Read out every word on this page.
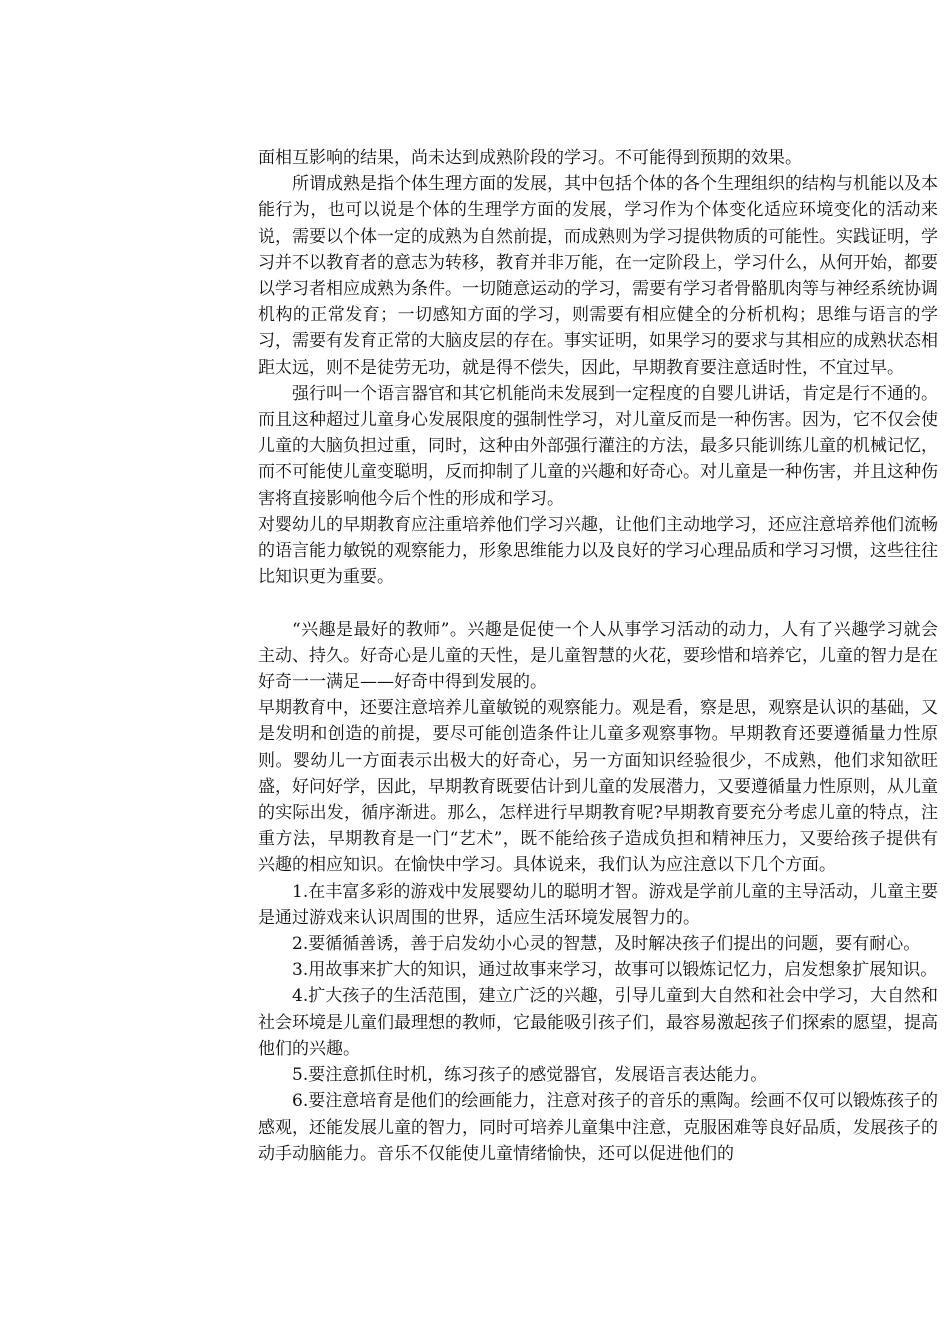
面相互影响的结果，尚未达到成熟阶段的学习。不可能得到预期的效果。

所谓成熟是指个体生理方面的发展，其中包括个体的各个生理组织的结构与机能以及本能行为，也可以说是个体的生理学方面的发展，学习作为个体变化适应环境变化的活动来说，需要以个体一定的成熟为自然前提，而成熟则为学习提供物质的可能性。实践证明，学习并不以教育者的意志为转移，教育并非万能，在一定阶段上，学习什么，从何开始，都要以学习者相应成熟为条件。一切随意运动的学习，需要有学习者骨骼肌肉等与神经系统协调机构的正常发育；一切感知方面的学习，则需要有相应健全的分析机构；思维与语言的学习，需要有发育正常的大脑皮层的存在。事实证明，如果学习的要求与其相应的成熟状态相距太远，则不是徒劳无功，就是得不偿失，因此，早期教育要注意适时性，不宜过早。

强行叫一个语言器官和其它机能尚未发展到一定程度的自婴儿讲话，肯定是行不通的。而且这种超过儿童身心发展限度的强制性学习，对儿童反而是一种伤害。因为，它不仅会使儿童的大脑负担过重，同时，这种由外部强行灌注的方法，最多只能训练儿童的机械记忆，而不可能使儿童变聪明，反而抑制了儿童的兴趣和好奇心。对儿童是一种伤害，并且这种伤害将直接影响他今后个性的形成和学习。

对婴幼儿的早期教育应注重培养他们学习兴趣，让他们主动地学习，还应注意培养他们流畅的语言能力敏锐的观察能力，形象思维能力以及良好的学习心理品质和学习习惯，这些往往比知识更为重要。

“兴趣是最好的教师”。兴趣是促使一个人从事学习活动的动力，人有了兴趣学习就会主动、持久。好奇心是儿童的天性，是儿童智慧的火花，要珍惜和培养它，儿童的智力是在好奇一一满足——好奇中得到发展的。

早期教育中，还要注意培养儿童敏锐的观察能力。观是看，察是思，观察是认识的基础，又是发明和创造的前提，要尽可能创造条件让儿童多观察事物。早期教育还要遵循量力性原则。婴幼儿一方面表示出极大的好奇心，另一方面知识经验很少，不成熟，他们求知欲旺盛，好问好学，因此，早期教育既要估计到儿童的发展潜力，又要遵循量力性原则，从儿童的实际出发，循序渐进。那么，怎样进行早期教育呢?早期教育要充分考虑儿童的特点，注重方法，早期教育是一门“艺术”，既不能给孩子造成负担和精神压力，又要给孩子提供有兴趣的相应知识。在愉快中学习。具体说来，我们认为应注意以下几个方面。

1.在丰富多彩的游戏中发展婴幼儿的聪明才智。游戏是学前儿童的主导活动，儿童主要是通过游戏来认识周围的世界，适应生活环境发展智力的。

2.要循循善诱，善于启发幼小心灵的智慧，及时解决孩子们提出的问题，要有耐心。

3.用故事来扩大的知识，通过故事来学习，故事可以锻炼记忆力，启发想象扩展知识。

4.扩大孩子的生活范围，建立广泛的兴趣，引导儿童到大自然和社会中学习，大自然和社会环境是儿童们最理想的教师，它最能吸引孩子们，最容易激起孩子们探索的愿望，提高他们的兴趣。

5.要注意抓住时机，练习孩子的感觉器官，发展语言表达能力。

6.要注意培育是他们的绘画能力，注意对孩子的音乐的熏陶。绘画不仅可以锻炼孩子的感观，还能发展儿童的智力，同时可培养儿童集中注意，克服困难等良好品质，发展孩子的动手动脑能力。音乐不仅能使儿童情绪愉快，还可以促进他们的
